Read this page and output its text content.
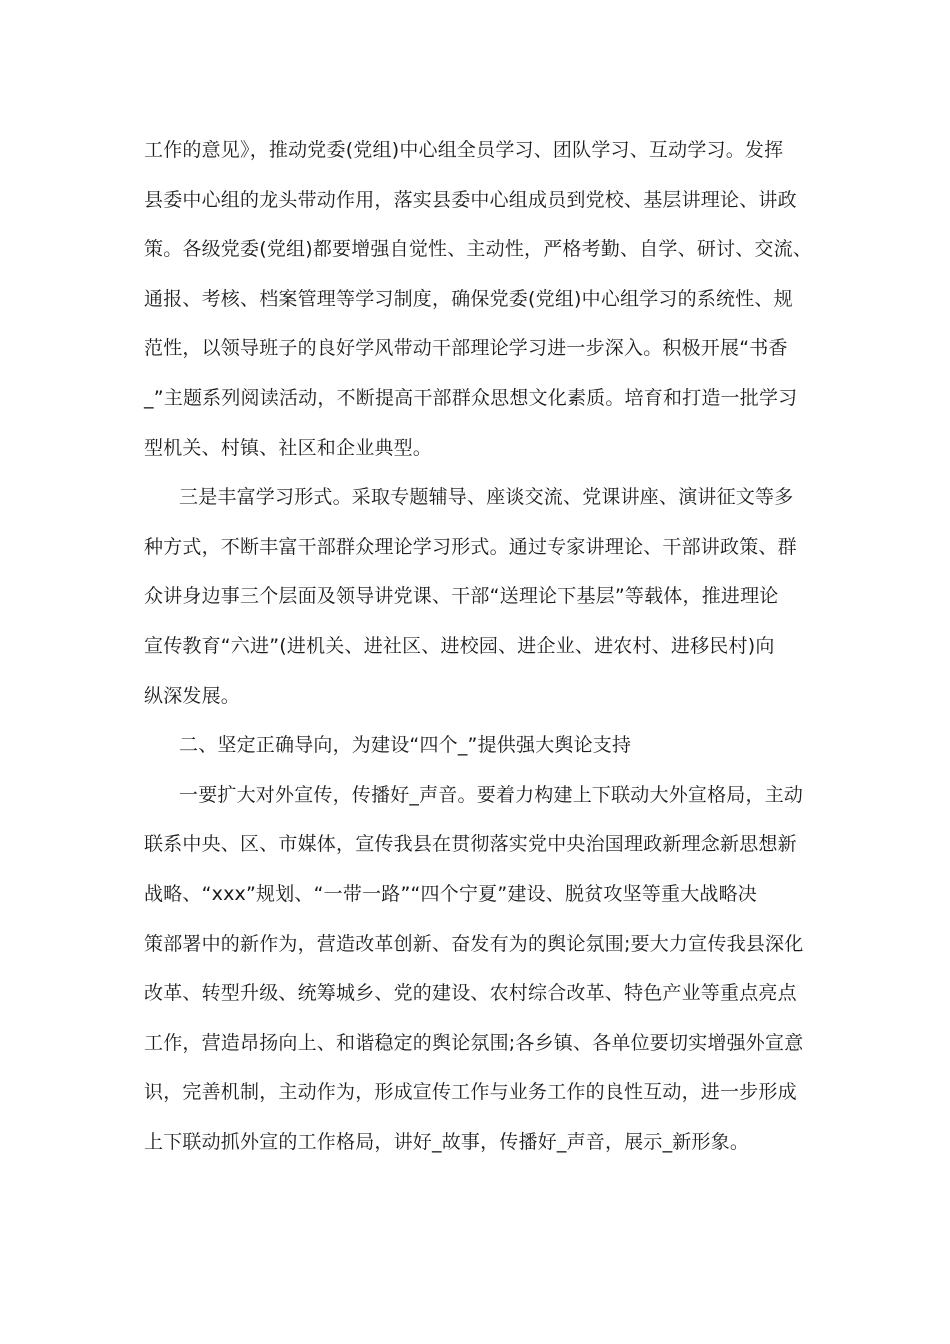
工作的意见》，推动党委(党组)中心组全员学习、团队学习、互动学习。发挥
县委中心组的龙头带动作用，落实县委中心组成员到党校、基层讲理论、讲政
策。各级党委(党组)都要增强自觉性、主动性，严格考勤、自学、研讨、交流、
通报、考核、档案管理等学习制度，确保党委(党组)中心组学习的系统性、规
范性，以领导班子的良好学风带动干部理论学习进一步深入。积极开展“书香
_”主题系列阅读活动，不断提高干部群众思想文化素质。培育和打造一批学习
型机关、村镇、社区和企业典型。
三是丰富学习形式。采取专题辅导、座谈交流、党课讲座、演讲征文等多
种方式，不断丰富干部群众理论学习形式。通过专家讲理论、干部讲政策、群
众讲身边事三个层面及领导讲党课、干部“送理论下基层”等载体，推进理论
宣传教育“六进”(进机关、进社区、进校园、进企业、进农村、进移民村)向
纵深发展。
二、坚定正确导向，为建设“四个_”提供强大舆论支持
一要扩大对外宣传，传播好_声音。要着力构建上下联动大外宣格局，主动
联系中央、区、市媒体，宣传我县在贯彻落实党中央治国理政新理念新思想新
战略、“xxx”规划、“一带一路”“四个宁夏”建设、脱贫攻坚等重大战略决
策部署中的新作为，营造改革创新、奋发有为的舆论氛围;要大力宣传我县深化
改革、转型升级、统筹城乡、党的建设、农村综合改革、特色产业等重点亮点
工作，营造昂扬向上、和谐稳定的舆论氛围;各乡镇、各单位要切实增强外宣意
识，完善机制，主动作为，形成宣传工作与业务工作的良性互动，进一步形成
上下联动抓外宣的工作格局，讲好_故事，传播好_声音，展示_新形象。
